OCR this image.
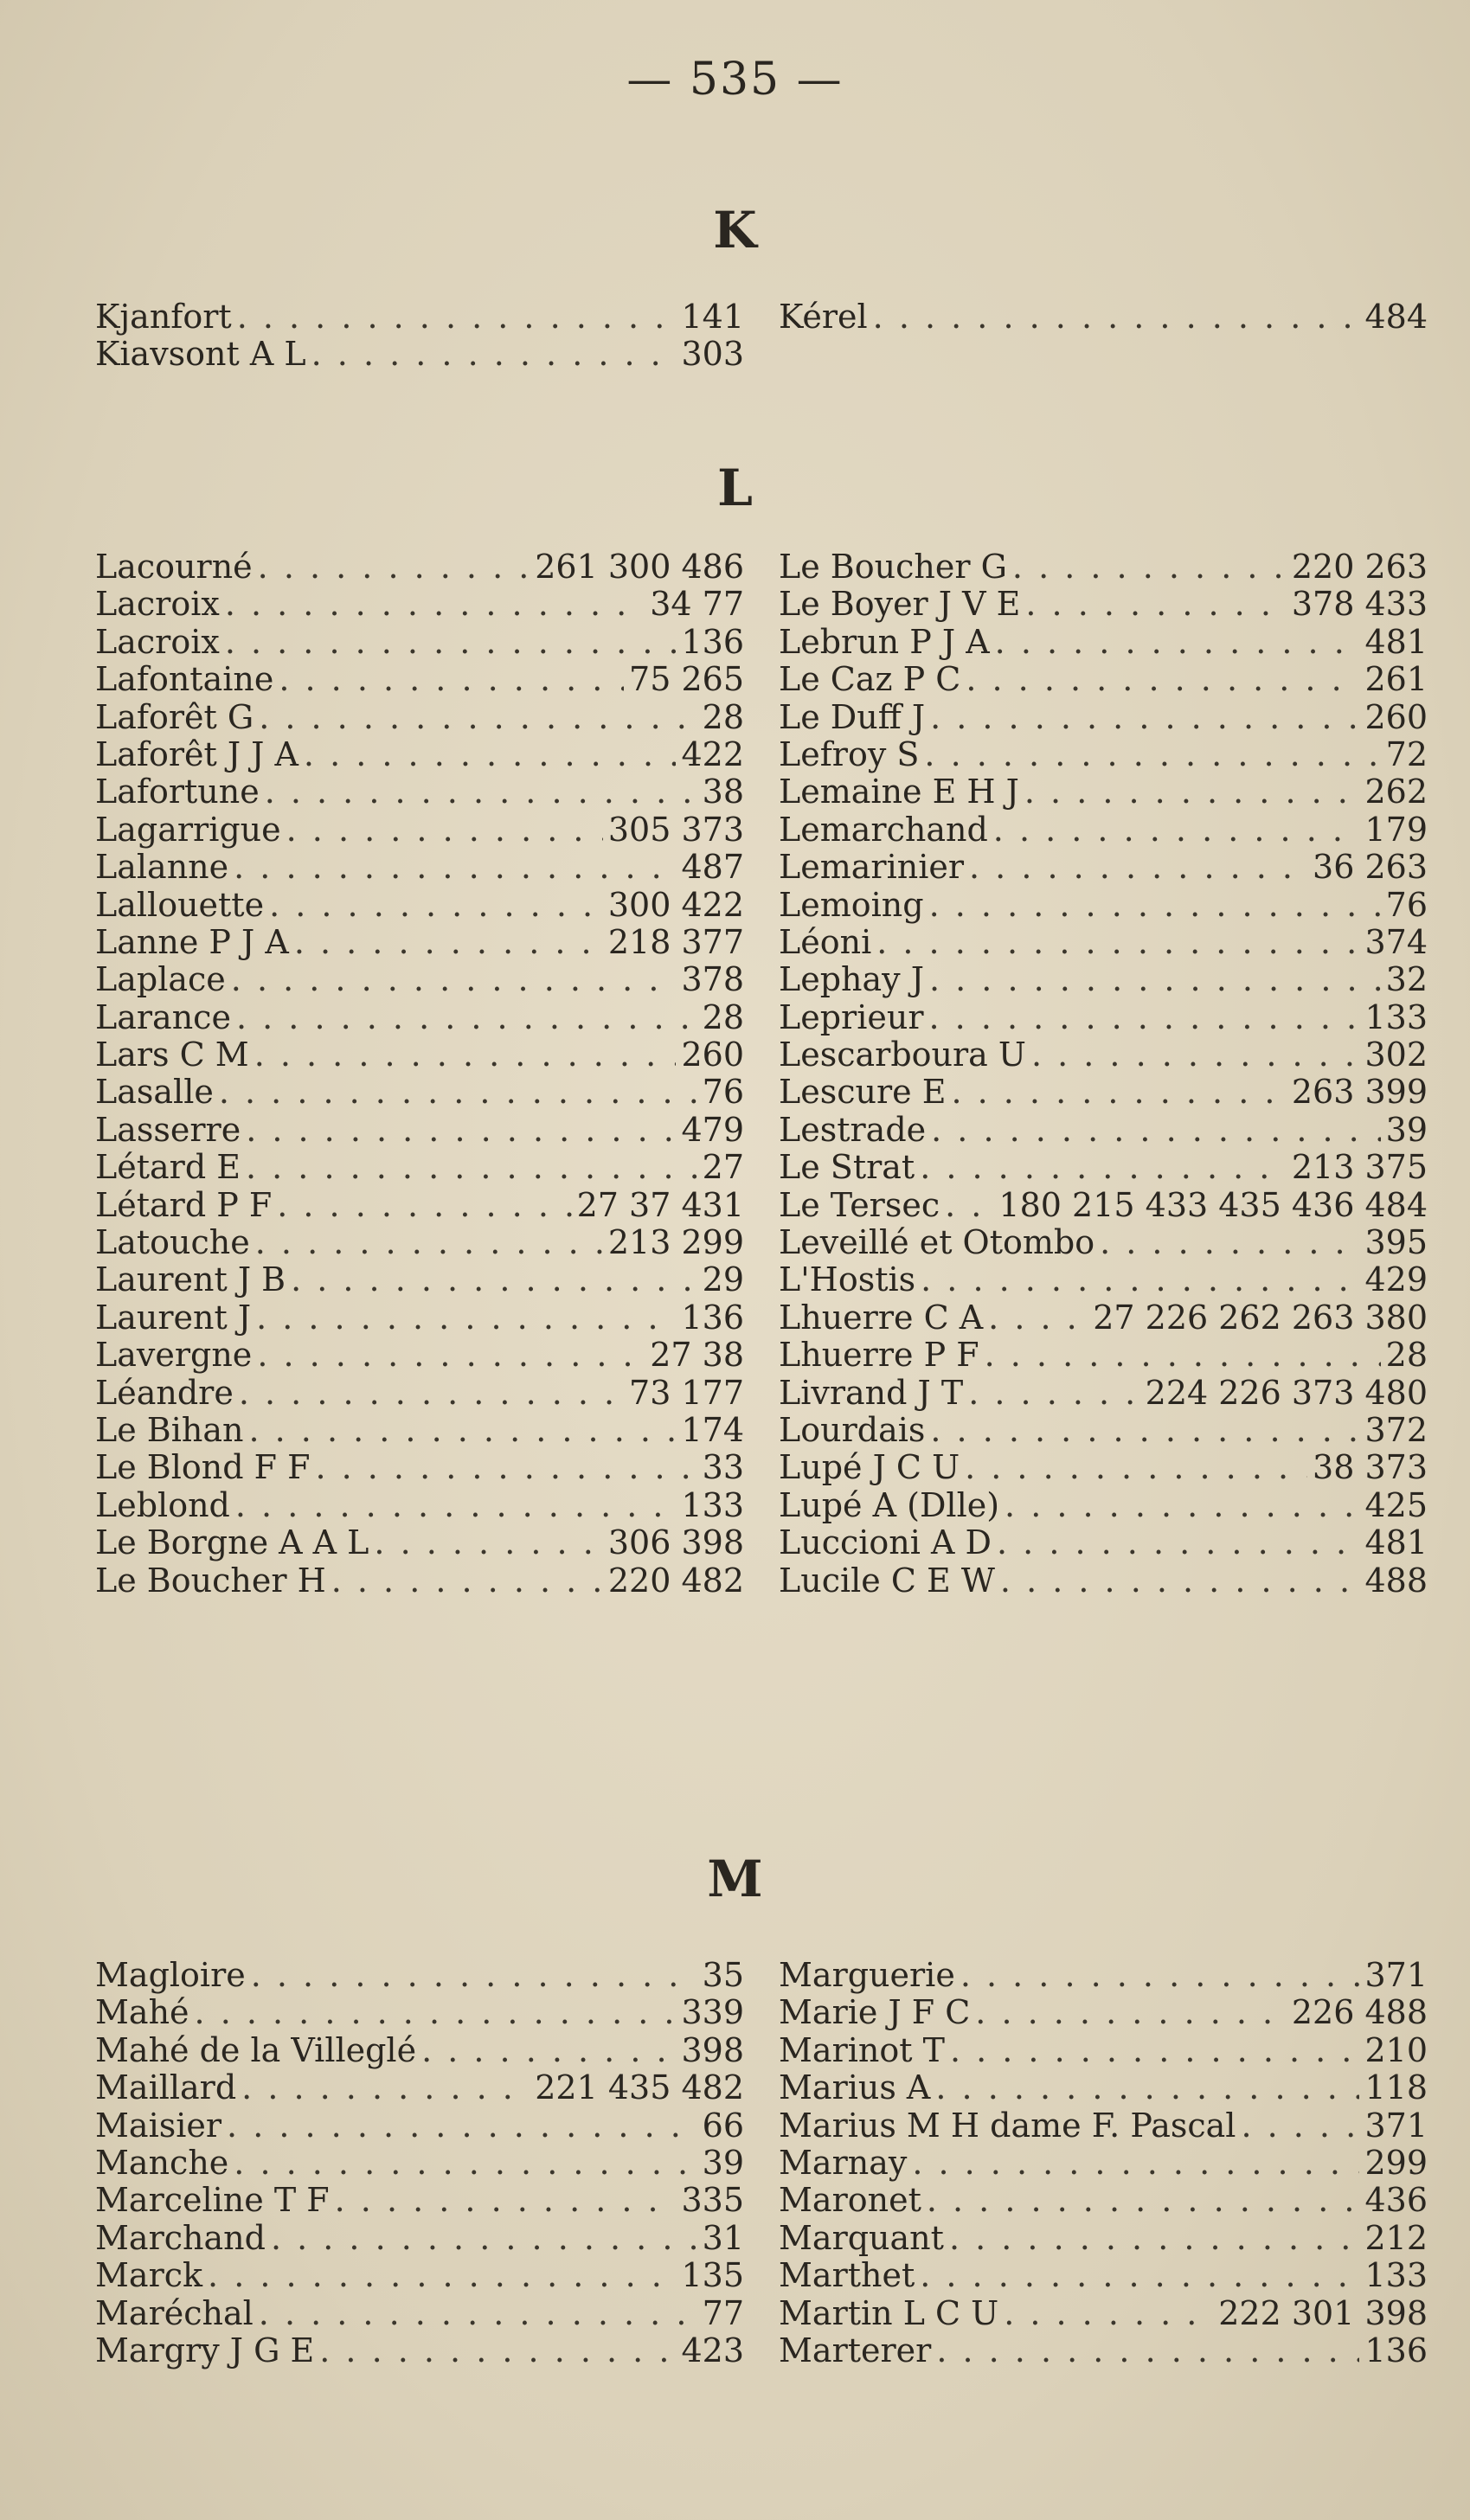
— 535 —
K
Kjanfort . . .	141
Kiavsont A L . . .	303
Kérel . . .	484
L
Lacourné . . .	261 300 486
Lacroix . . .	34 77
Lacroix . . .	136
Lafontaine . . .	75 265
Laforêt G . . .	28
Laforêt J J A . . .	422
Lafortune . . .	38
Lagarrigue . . .	305 373
Lalanne . . .	487
Lallouette . . .	300 422
Lanne P J A . . .	218 377
Laplace . . .	378
Larance . . .	28
Lars C M . . .	260
Lasalle . . .	76
Lasserre . . .	479
Létard E . . .	27
Létard P F . . .	27 37 431
Latouche . . .	213 299
Laurent J B . . .	29
Laurent J . . .	136
Lavergne . . .	27 38
Léandre . . .	73 177
Le Bihan . . .	174
Le Blond F F . . .	33
Leblond . . .	133
Le Borgne A A L . . .	306 398
Le Boucher H . . .	220 482
Le Boucher G . . .	220 263
Le Boyer J V E . . .	378 433
Lebrun P J A . . .	481
Le Caz P C . . .	261
Le Duff J . . .	260
Lefroy S . . .	72
Lemaine E H J . . .	262
Lemarchand . . .	179
Lemarinier . . .	36 263
Lemoing . . .	76
Léoni . . .	374
Lephay J . . .	32
Leprieur . . .	133
Lescarboura U . . .	302
Lescure E . . .	263 399
Lestrade . . .	39
Le Strat . . .	213 375
Le Tersec . . . 180 215 433 435 436 484
Leveillé et Otombo . . .	395
L'Hostis . . .	429
Lhuerre C A . . .	27 226 262 263 380
Lhuerre P F . . .	28
Livrand J T . . .	224 226 373 480
Lourdais . . .	372
Lupé J C U . . .	38 373
Lupé A (Dlle) . . .	425
Luccioni A D . . .	481
Lucile C E W . . .	488
M
Magloire . . .	35
Mahé . . .	339
Mahé de la Villeglé . . .	398
Maillard . . .	221 435 482
Maisier . . .	66
Manche . . .	39
Marceline T F . . .	335
Marchand . . .	31
Marck . . .	135
Maréchal . . .	77
Margry J G E . . .	423
Marguerie . . .	371
Marie J F C . . .	226 488
Marinot T . . .	210
Marius A . . .	118
Marius M H dame F. Pascal . . .	371
Marnay . . .	299
Maronet . . .	436
Marquant . . .	212
Marthet . . .	133
Martin L C U . . .	222 301 398
Marterer . . .	136
